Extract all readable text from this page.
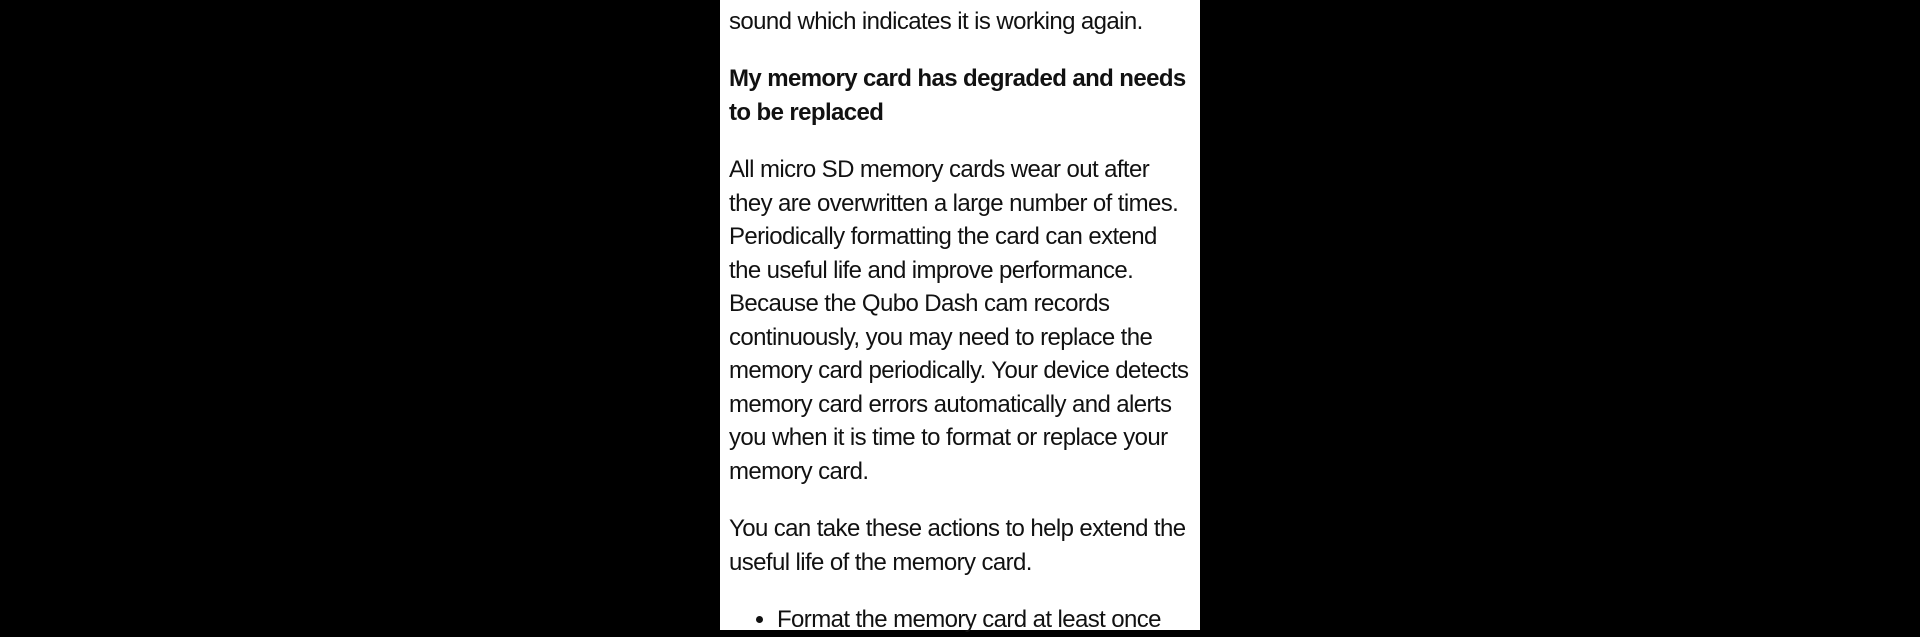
sound which indicates it is working again.

My memory card has degraded and needs to be replaced

All micro SD memory cards wear out after they are overwritten a large number of times. Periodically formatting the card can extend the useful life and improve performance. Because the Qubo Dash cam records continuously, you may need to replace the memory card periodically. Your device detects memory card errors automatically and alerts you when it is time to format or replace your memory card.

You can take these actions to help extend the useful life of the memory card.

• Format the memory card at least once
